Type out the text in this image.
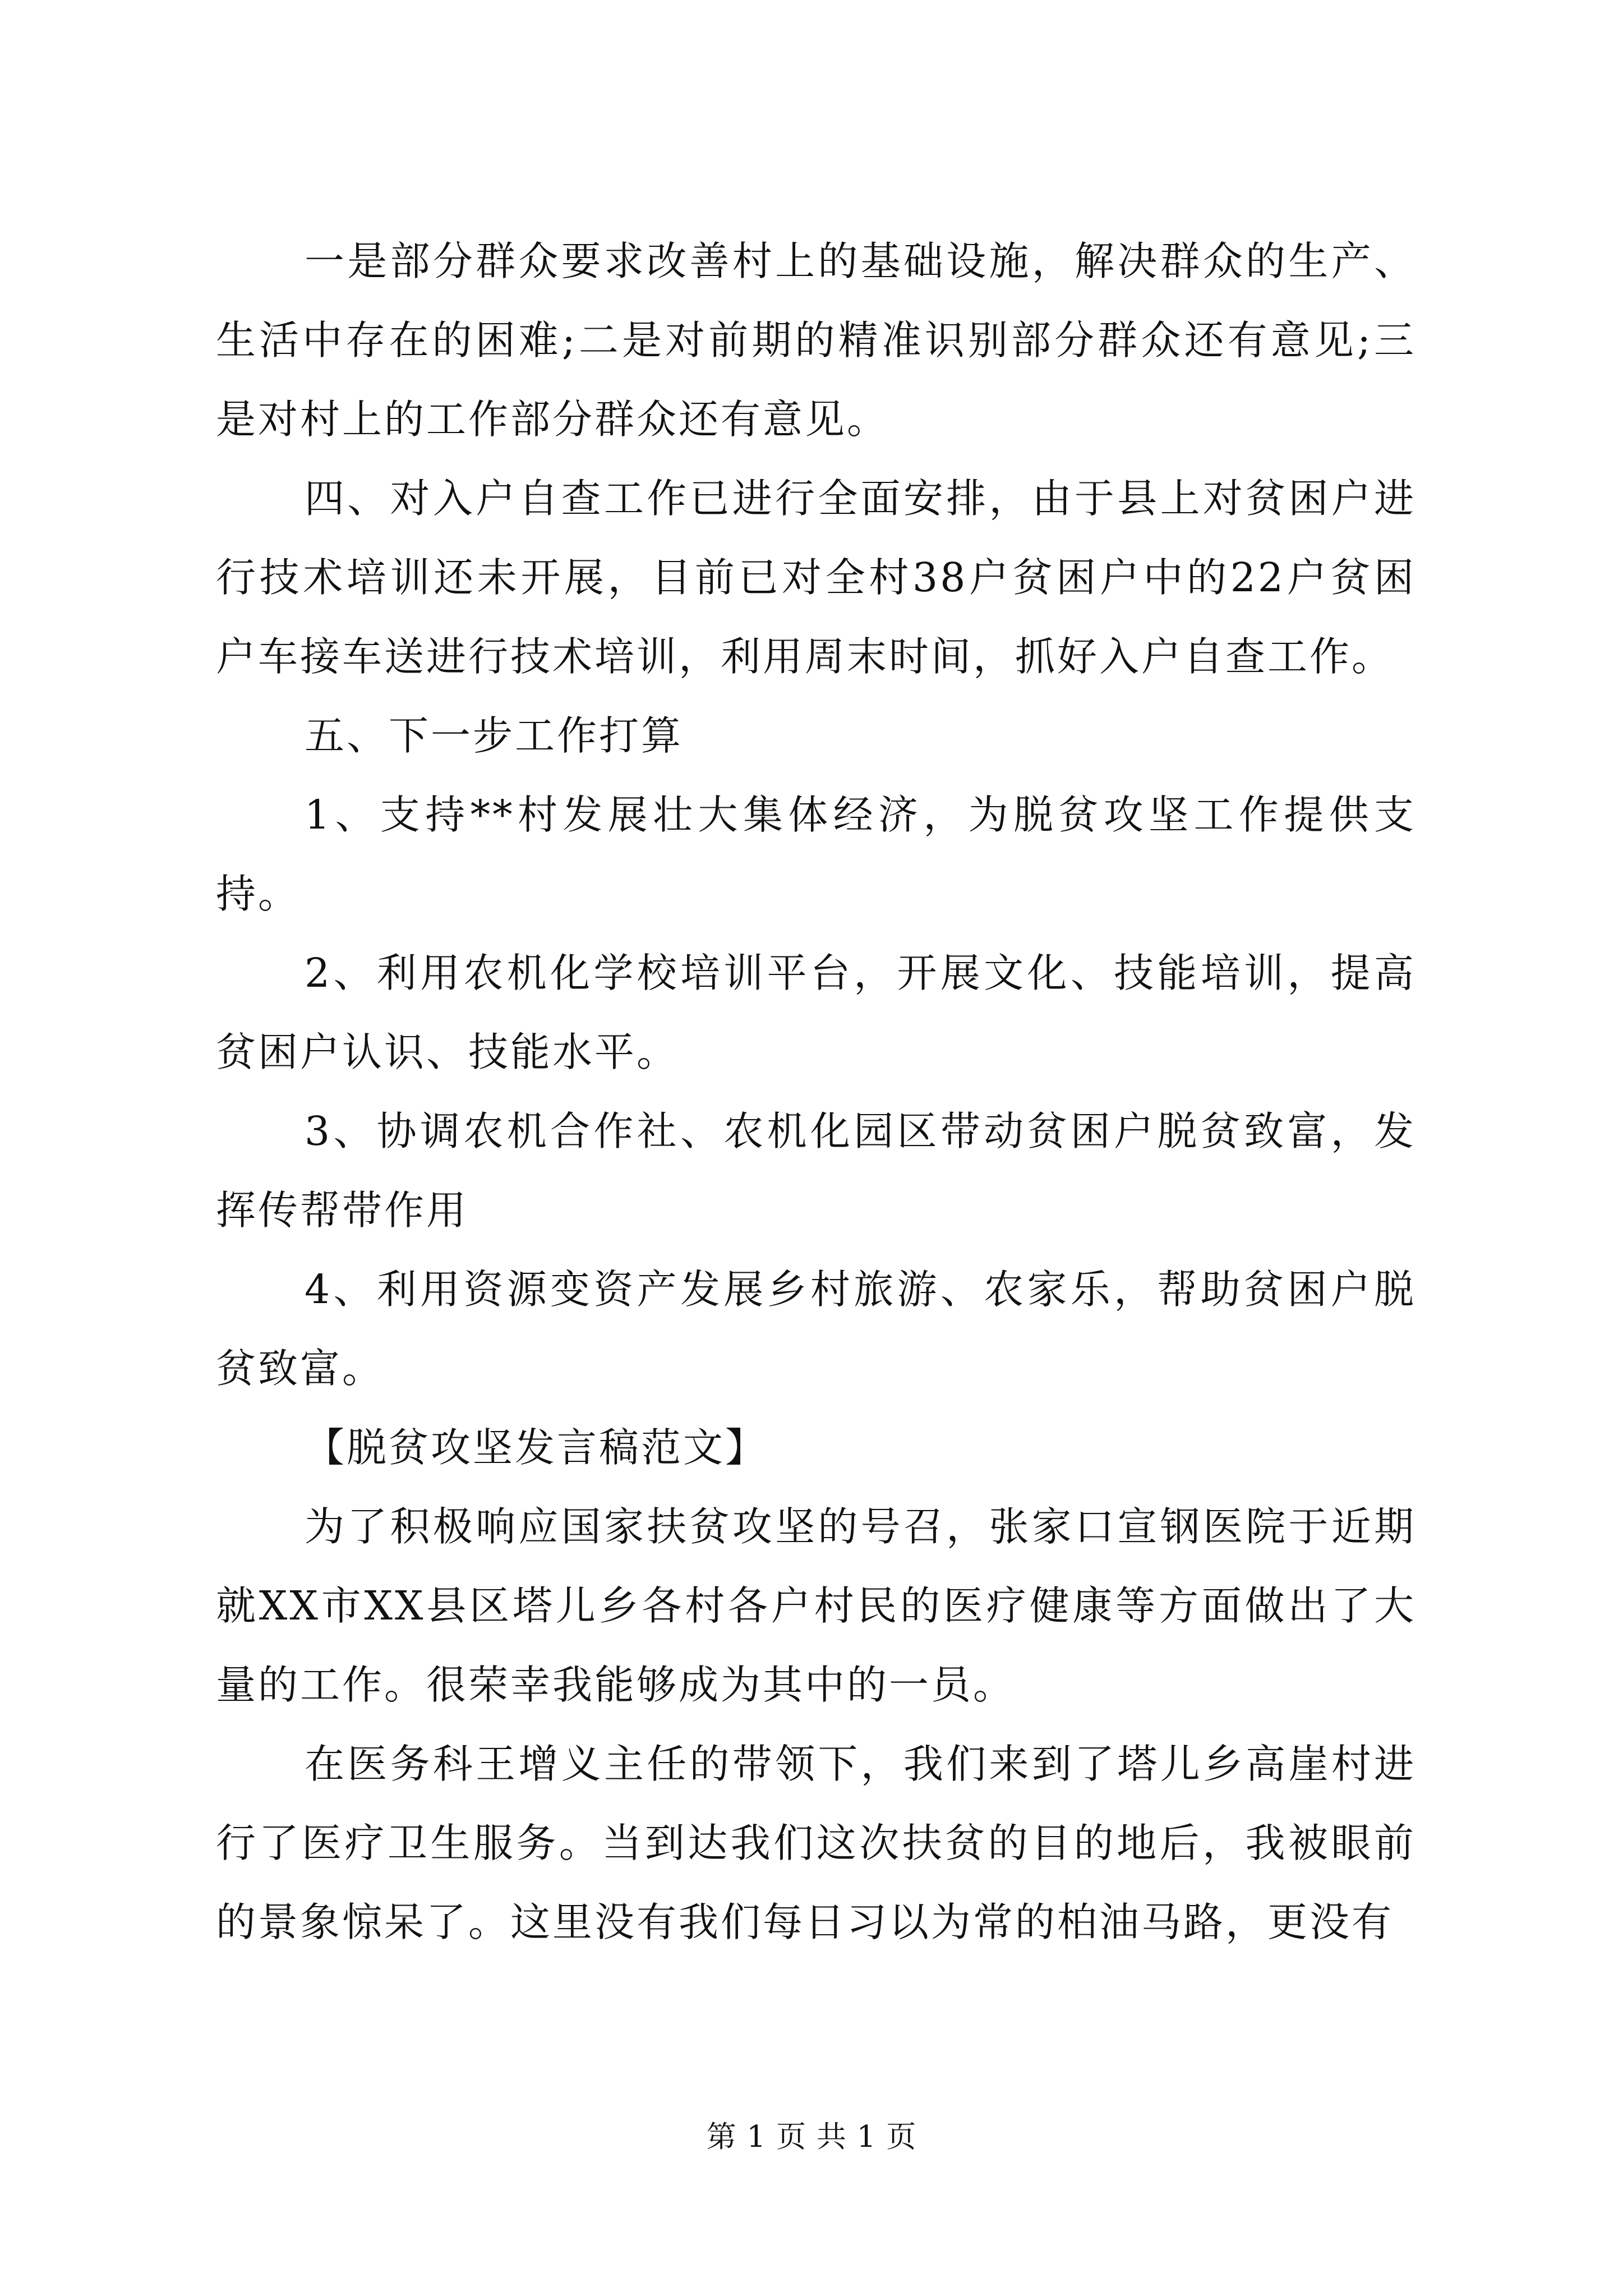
一是部分群众要求改善村上的基础设施，解决群众的生产、生活中存在的困难;二是对前期的精准识别部分群众还有意见;三是对村上的工作部分群众还有意见。

四、对入户自查工作已进行全面安排，由于县上对贫困户进行技术培训还未开展，目前已对全村38户贫困户中的22户贫困户车接车送进行技术培训，利用周末时间，抓好入户自查工作。

五、下一步工作打算

1、支持**村发展壮大集体经济，为脱贫攻坚工作提供支持。

2、利用农机化学校培训平台，开展文化、技能培训，提高贫困户认识、技能水平。

3、协调农机合作社、农机化园区带动贫困户脱贫致富，发挥传帮带作用

4、利用资源变资产发展乡村旅游、农家乐，帮助贫困户脱贫致富。

【脱贫攻坚发言稿范文】

为了积极响应国家扶贫攻坚的号召，张家口宣钢医院于近期就XX市XX县区塔儿乡各村各户村民的医疗健康等方面做出了大量的工作。很荣幸我能够成为其中的一员。

在医务科王增义主任的带领下，我们来到了塔儿乡高崖村进行了医疗卫生服务。当到达我们这次扶贫的目的地后，我被眼前的景象惊呆了。这里没有我们每日习以为常的柏油马路，更没有

第 1 页 共 1 页
